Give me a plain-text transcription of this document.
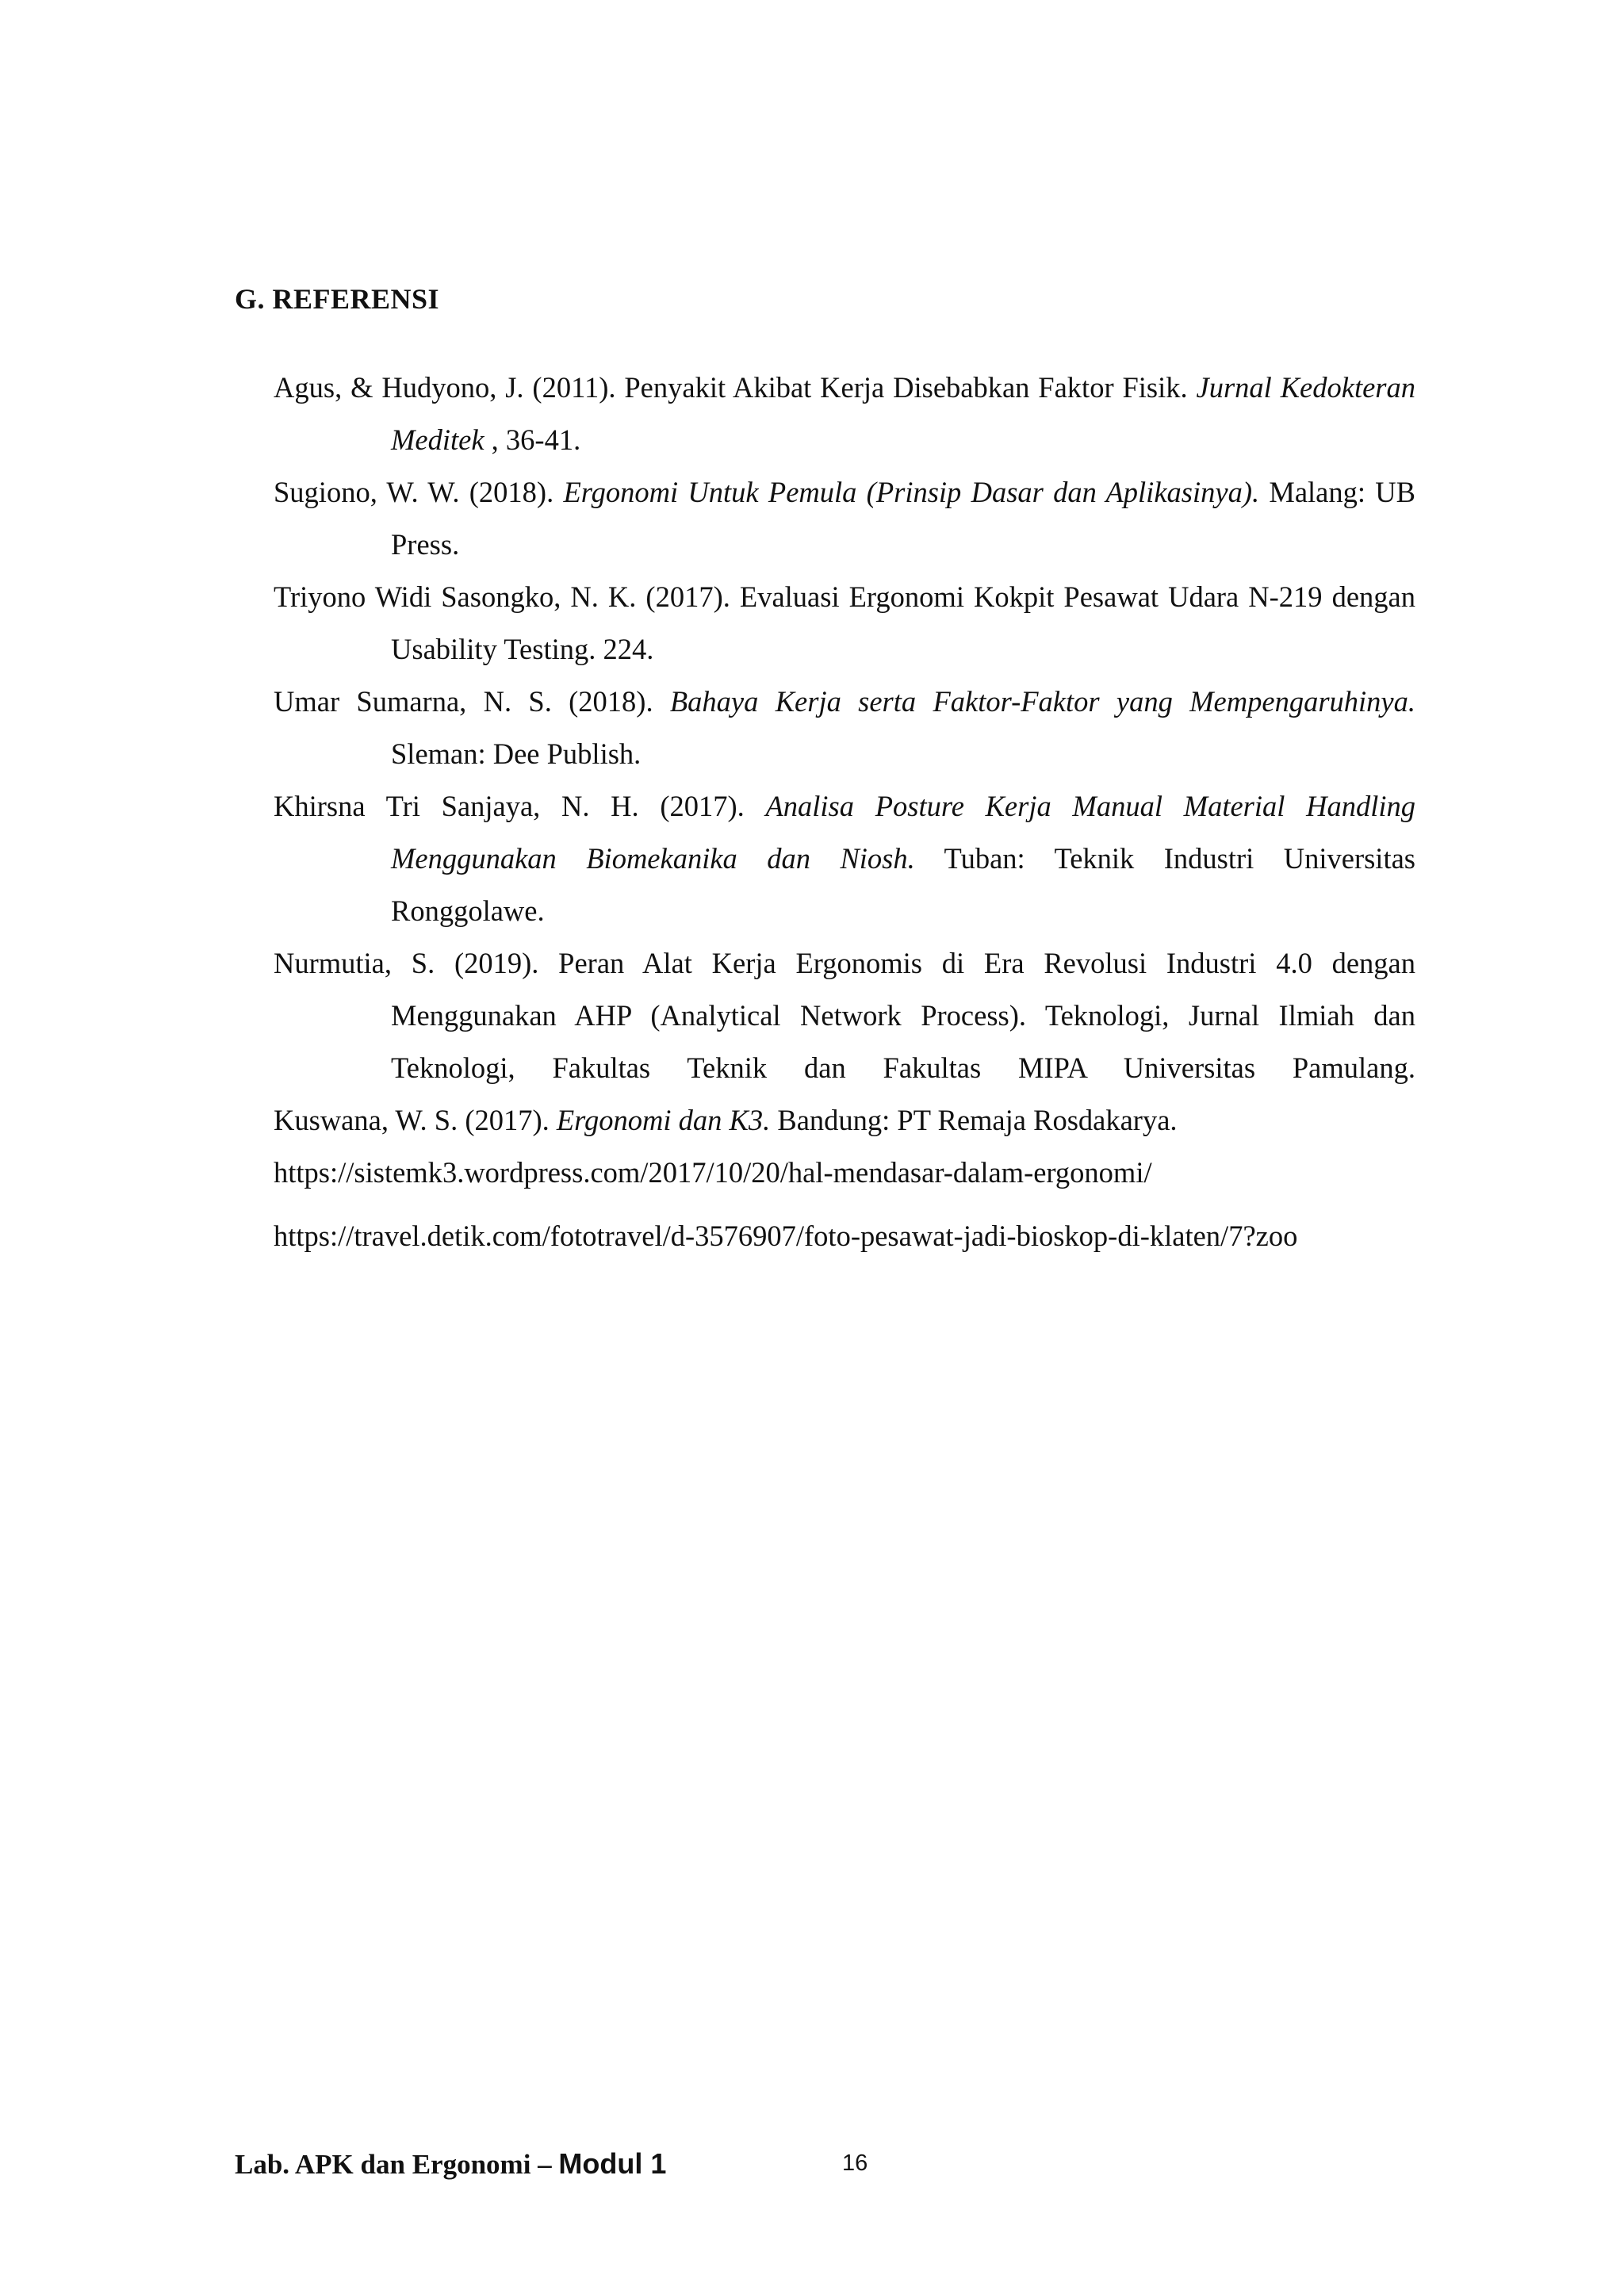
G. REFERENSI
Agus, & Hudyono, J. (2011). Penyakit Akibat Kerja Disebabkan Faktor Fisik. Jurnal Kedokteran Meditek , 36-41.
Sugiono, W. W. (2018). Ergonomi Untuk Pemula (Prinsip Dasar dan Aplikasinya). Malang: UB Press.
Triyono Widi Sasongko, N. K. (2017). Evaluasi Ergonomi Kokpit Pesawat Udara N-219 dengan Usability Testing. 224.
Umar Sumarna, N. S. (2018). Bahaya Kerja serta Faktor-Faktor yang Mempengaruhinya. Sleman: Dee Publish.
Khirsna Tri Sanjaya, N. H. (2017). Analisa Posture Kerja Manual Material Handling Menggunakan Biomekanika dan Niosh. Tuban: Teknik Industri Universitas Ronggolawe.
Nurmutia, S. (2019). Peran Alat Kerja Ergonomis di Era Revolusi Industri 4.0 dengan Menggunakan AHP (Analytical Network Process). Teknologi, Jurnal Ilmiah dan Teknologi, Fakultas Teknik dan Fakultas MIPA Universitas Pamulang.
Kuswana, W. S. (2017). Ergonomi dan K3. Bandung: PT Remaja Rosdakarya.
https://sistemk3.wordpress.com/2017/10/20/hal-mendasar-dalam-ergonomi/
https://travel.detik.com/fototravel/d-3576907/foto-pesawat-jadi-bioskop-di-klaten/7?zoo
Lab. APK dan Ergonomi – Modul 1	16
